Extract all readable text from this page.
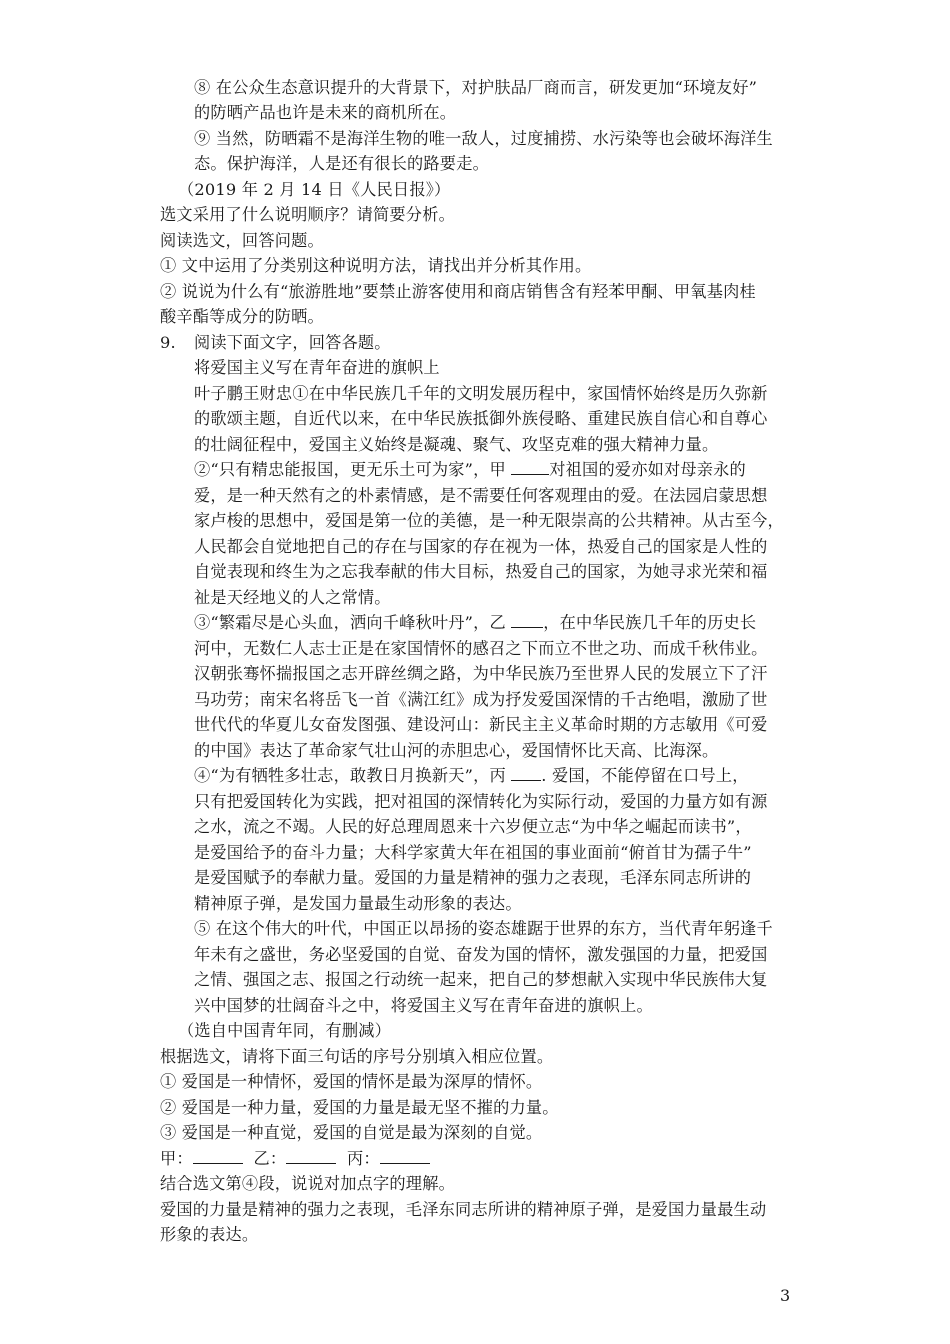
⑧ 在公众生态意识提升的大背景下，对护肤品厂商而言，研发更加“环境友好”
的防晒产品也许是未来的商机所在。
⑨ 当然，防晒霜不是海洋生物的唯一敌人，过度捕捞、水污染等也会破坏海洋生
态。保护海洋，人是还有很长的路要走。
（2019 年 2 月 14 日《人民日报》）
选文采用了什么说明顺序？请简要分析。
阅读选文，回答问题。
① 文中运用了分类别这种说明方法，请找出并分析其作用。
② 说说为什么有“旅游胜地”要禁止游客使用和商店销售含有羟苯甲酮、甲氧基肉桂
酸辛酯等成分的防晒。
9. 阅读下面文字，回答各题。
将爱国主义写在青年奋进的旗帜上
叶子鹏王财忠①在中华民族几千年的文明发展历程中，家国情怀始终是历久弥新
的歌颂主题，自近代以来，在中华民族抵御外族侵略、重建民族自信心和自尊心
的壮阔征程中，爱国主义始终是凝魂、聚气、攻坚克难的强大精神力量。
②“只有精忠能报国，更无乐土可为家”，甲 对祖国的爱亦如对母亲永的
爱，是一种天然有之的朴素情感，是不需要任何客观理由的爱。在法园启蒙思想
家卢梭的思想中，爱国是第一位的美德，是一种无限崇高的公共精神。从古至今，
人民都会自觉地把自己的存在与国家的存在视为一体，热爱自己的国家是人性的
自觉表现和终生为之忘我奉献的伟大目标，热爱自己的国家，为她寻求光荣和福
祉是天经地义的人之常情。
③“繁霜尽是心头血，洒向千峰秋叶丹”，乙 ，在中华民族几千年的历史长
河中，无数仁人志士正是在家国情怀的感召之下而立不世之功、而成千秋伟业。
汉朝张骞怀揣报国之志开辟丝绸之路，为中华民族乃至世界人民的发展立下了汗
马功劳；南宋名将岳飞一首《满江红》成为抒发爱国深情的千古绝唱，激励了世
世代代的华夏儿女奋发图强、建设河山：新民主主义革命时期的方志敏用《可爱
的中国》表达了革命家气壮山河的赤胆忠心，爱国情怀比天高、比海深。
④“为有牺牲多壮志，敢教日月换新天”，丙 . 爱国，不能停留在口号上，
只有把爱国转化为实践，把对祖国的深情转化为实际行动，爱国的力量方如有源
之水，流之不竭。人民的好总理周恩来十六岁便立志“为中华之崛起而读书”，
是爱国给予的奋斗力量；大科学家黄大年在祖国的事业面前“俯首甘为孺子牛”
是爱国赋予的奉献力量。爱国的力量是精神的强力之表现，毛泽东同志所讲的
精神原子弹，是发国力量最生动形象的表达。
⑤ 在这个伟大的叶代，中国正以昂扬的姿态雄踞于世界的东方，当代青年躬逢千
年未有之盛世，务必坚爱国的自觉、奋发为国的情怀，激发强国的力量，把爱国
之情、强国之志、报国之行动统一起来，把自己的梦想献入实现中华民族伟大复
兴中国梦的壮阔奋斗之中，将爱国主义写在青年奋进的旗帜上。
（选自中国青年同，有删减）
根据选文，请将下面三句话的序号分别填入相应位置。
① 爱国是一种情怀，爱国的情怀是最为深厚的情怀。
② 爱国是一种力量，爱国的力量是最无坚不摧的力量。
③ 爱国是一种直觉，爱国的自觉是最为深刻的自觉。
甲：	乙：	丙：
结合选文第④段，说说对加点字的理解。
爱国的力量是精神的强力之表现，毛泽东同志所讲的精神原子弹，是爱国力量最生动
形象的表达。
3
